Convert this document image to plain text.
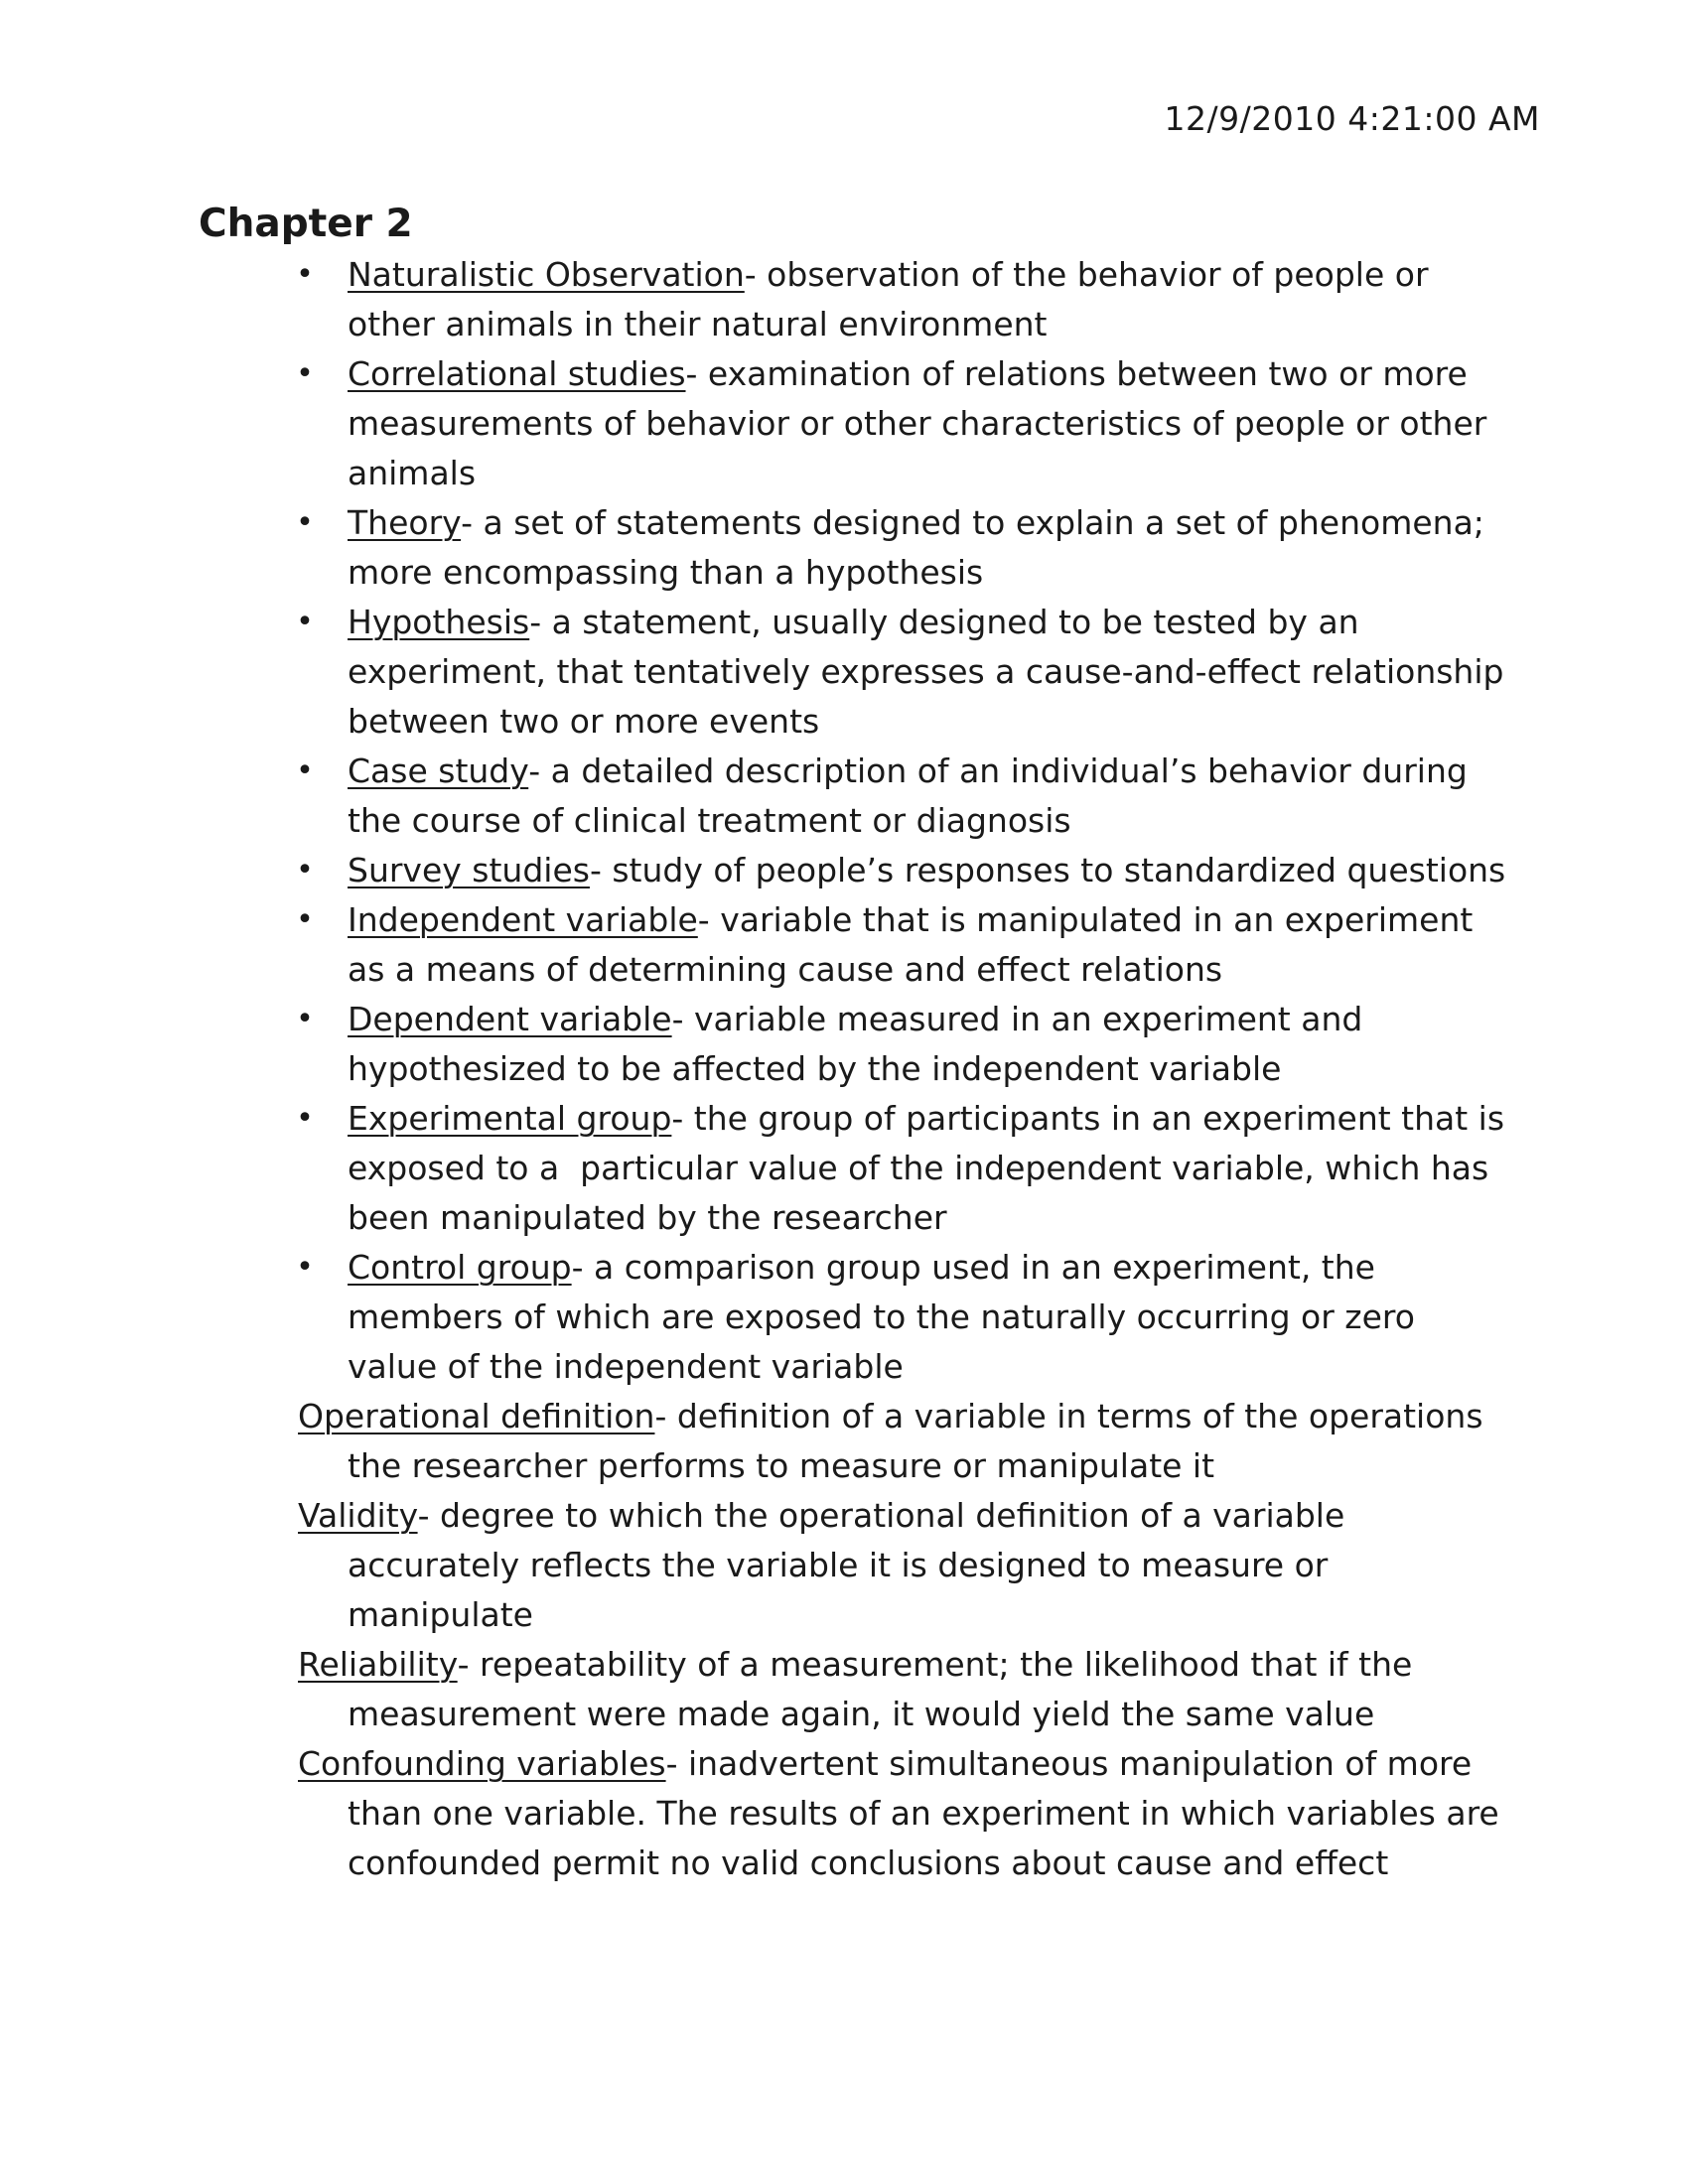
12/9/2010 4:21:00 AM
Chapter 2
• Naturalistic Observation- observation of the behavior of people or other animals in their natural environment
• Correlational studies- examination of relations between two or more measurements of behavior or other characteristics of people or other animals
• Theory- a set of statements designed to explain a set of phenomena; more encompassing than a hypothesis
• Hypothesis- a statement, usually designed to be tested by an experiment, that tentatively expresses a cause-and-effect relationship between two or more events
• Case study- a detailed description of an individual’s behavior during the course of clinical treatment or diagnosis
• Survey studies- study of people’s responses to standardized questions
• Independent variable- variable that is manipulated in an experiment as a means of determining cause and effect relations
• Dependent variable- variable measured in an experiment and hypothesized to be affected by the independent variable
• Experimental group- the group of participants in an experiment that is exposed to a  particular value of the independent variable, which has been manipulated by the researcher
• Control group- a comparison group used in an experiment, the members of which are exposed to the naturally occurring or zero value of the independent variable
Operational definition- definition of a variable in terms of the operations the researcher performs to measure or manipulate it
Validity- degree to which the operational definition of a variable accurately reflects the variable it is designed to measure or manipulate
Reliability- repeatability of a measurement; the likelihood that if the measurement were made again, it would yield the same value
Confounding variables- inadvertent simultaneous manipulation of more than one variable. The results of an experiment in which variables are confounded permit no valid conclusions about cause and effect
